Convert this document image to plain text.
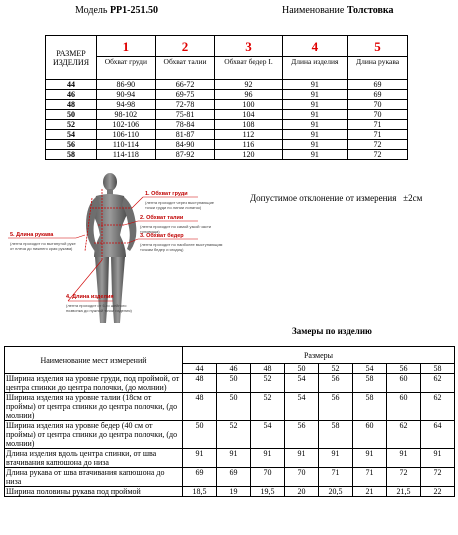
Модель РР1-251.50	Наименование Толстовка
РАЗМЕР ИЗДЕЛИЯ	1	2	3	4	5
	Обхват груди	Обхват талии	Обхват бедер I.	Длина изделия	Длина рукава
44	86-90	66-72	92	91	69
46	90-94	69-75	96	91	69
48	94-98	72-78	100	91	70
50	98-102	75-81	104	91	70
52	102-106	78-84	108	91	71
54	106-110	81-87	112	91	71
56	110-114	84-90	116	91	72
58	114-118	87-92	120	91	72
1. Обхват груди
(лента проходит через выступающие точки груди по линии лопаток)
2. Обхват талии
(лента проходит по самой узкой части туловища)
3. Обхват бедер
(лента проходит по наиболее выступающим точкам бедер и ягодиц)
4. Длина изделия
(лента проходит от 6-го шейного позвонка до нужной точки изделия)
5. Длина рукава
(лента проходит по вытянутой руке от плеча до нижнего края рукава)
Допустимое отклонение от измерения ±2см
Замеры по изделию
Наименование мест измерений	Размеры							
	44	46	48	50	52	54	56	58
Ширина изделия на уровне груди, под проймой, от центра спинки до центра полочки, (до молнии)	48	50	52	54	56	58	60	62
Ширина изделия на уровне талии (18см от проймы) от центра спинки до центра полочки, (до молнии)	48	50	52	54	56	58	60	62
Ширина изделия на уровне бедер (40 см от проймы) от центра спинки до центра полочки, (до молнии)	50	52	54	56	58	60	62	64
Длина изделия вдоль центра спинки, от шва втачивания капюшона до низа	91	91	91	91	91	91	91	91
Длина рукава от шва втачивания капюшона до низа	69	69	70	70	71	71	72	72
Ширина половины рукава под проймой	18,5	19	19,5	20	20,5	21	21,5	22
